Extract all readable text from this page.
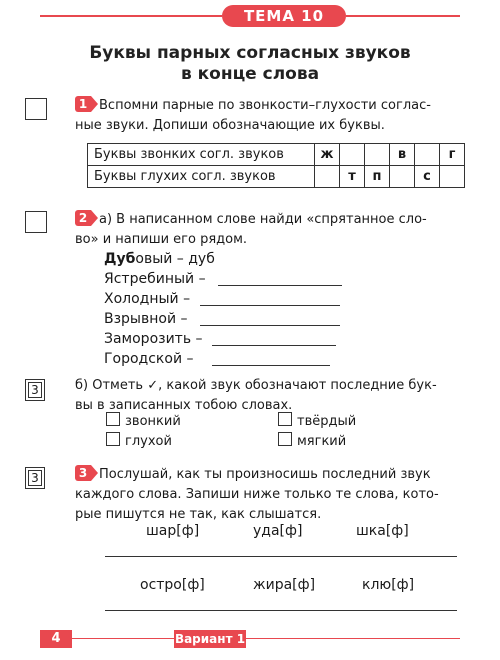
ТЕМА 10
Буквы парных согласных звуков
в конце слова
1 Вспомни парные по звонкости–глухости соглас-
ные звуки. Допиши обозначающие их буквы.
Буквы звонких согл. звуков	ж			в		г
Буквы глухих согл. звуков		т	п		с	
2 а) В написанном слове найди «спрятанное сло-
во» и напиши его рядом.
Дубовый – дуб
Ястребиный –
Холодный –
Взрывной –
Заморозить –
Городской –
3	б) Отметь ✓, какой звук обозначают последние бук-
вы в записанных тобою словах.
звонкий	твёрдый
глухой	мягкий
3	3 Послушай, как ты произносишь последний звук
каждого слова. Запиши ниже только те слова, кото-
рые пишутся не так, как слышатся.
шар[ф]	уда[ф]	шка[ф]
остро[ф]	жира[ф]	клю[ф]
4	Вариант 1
